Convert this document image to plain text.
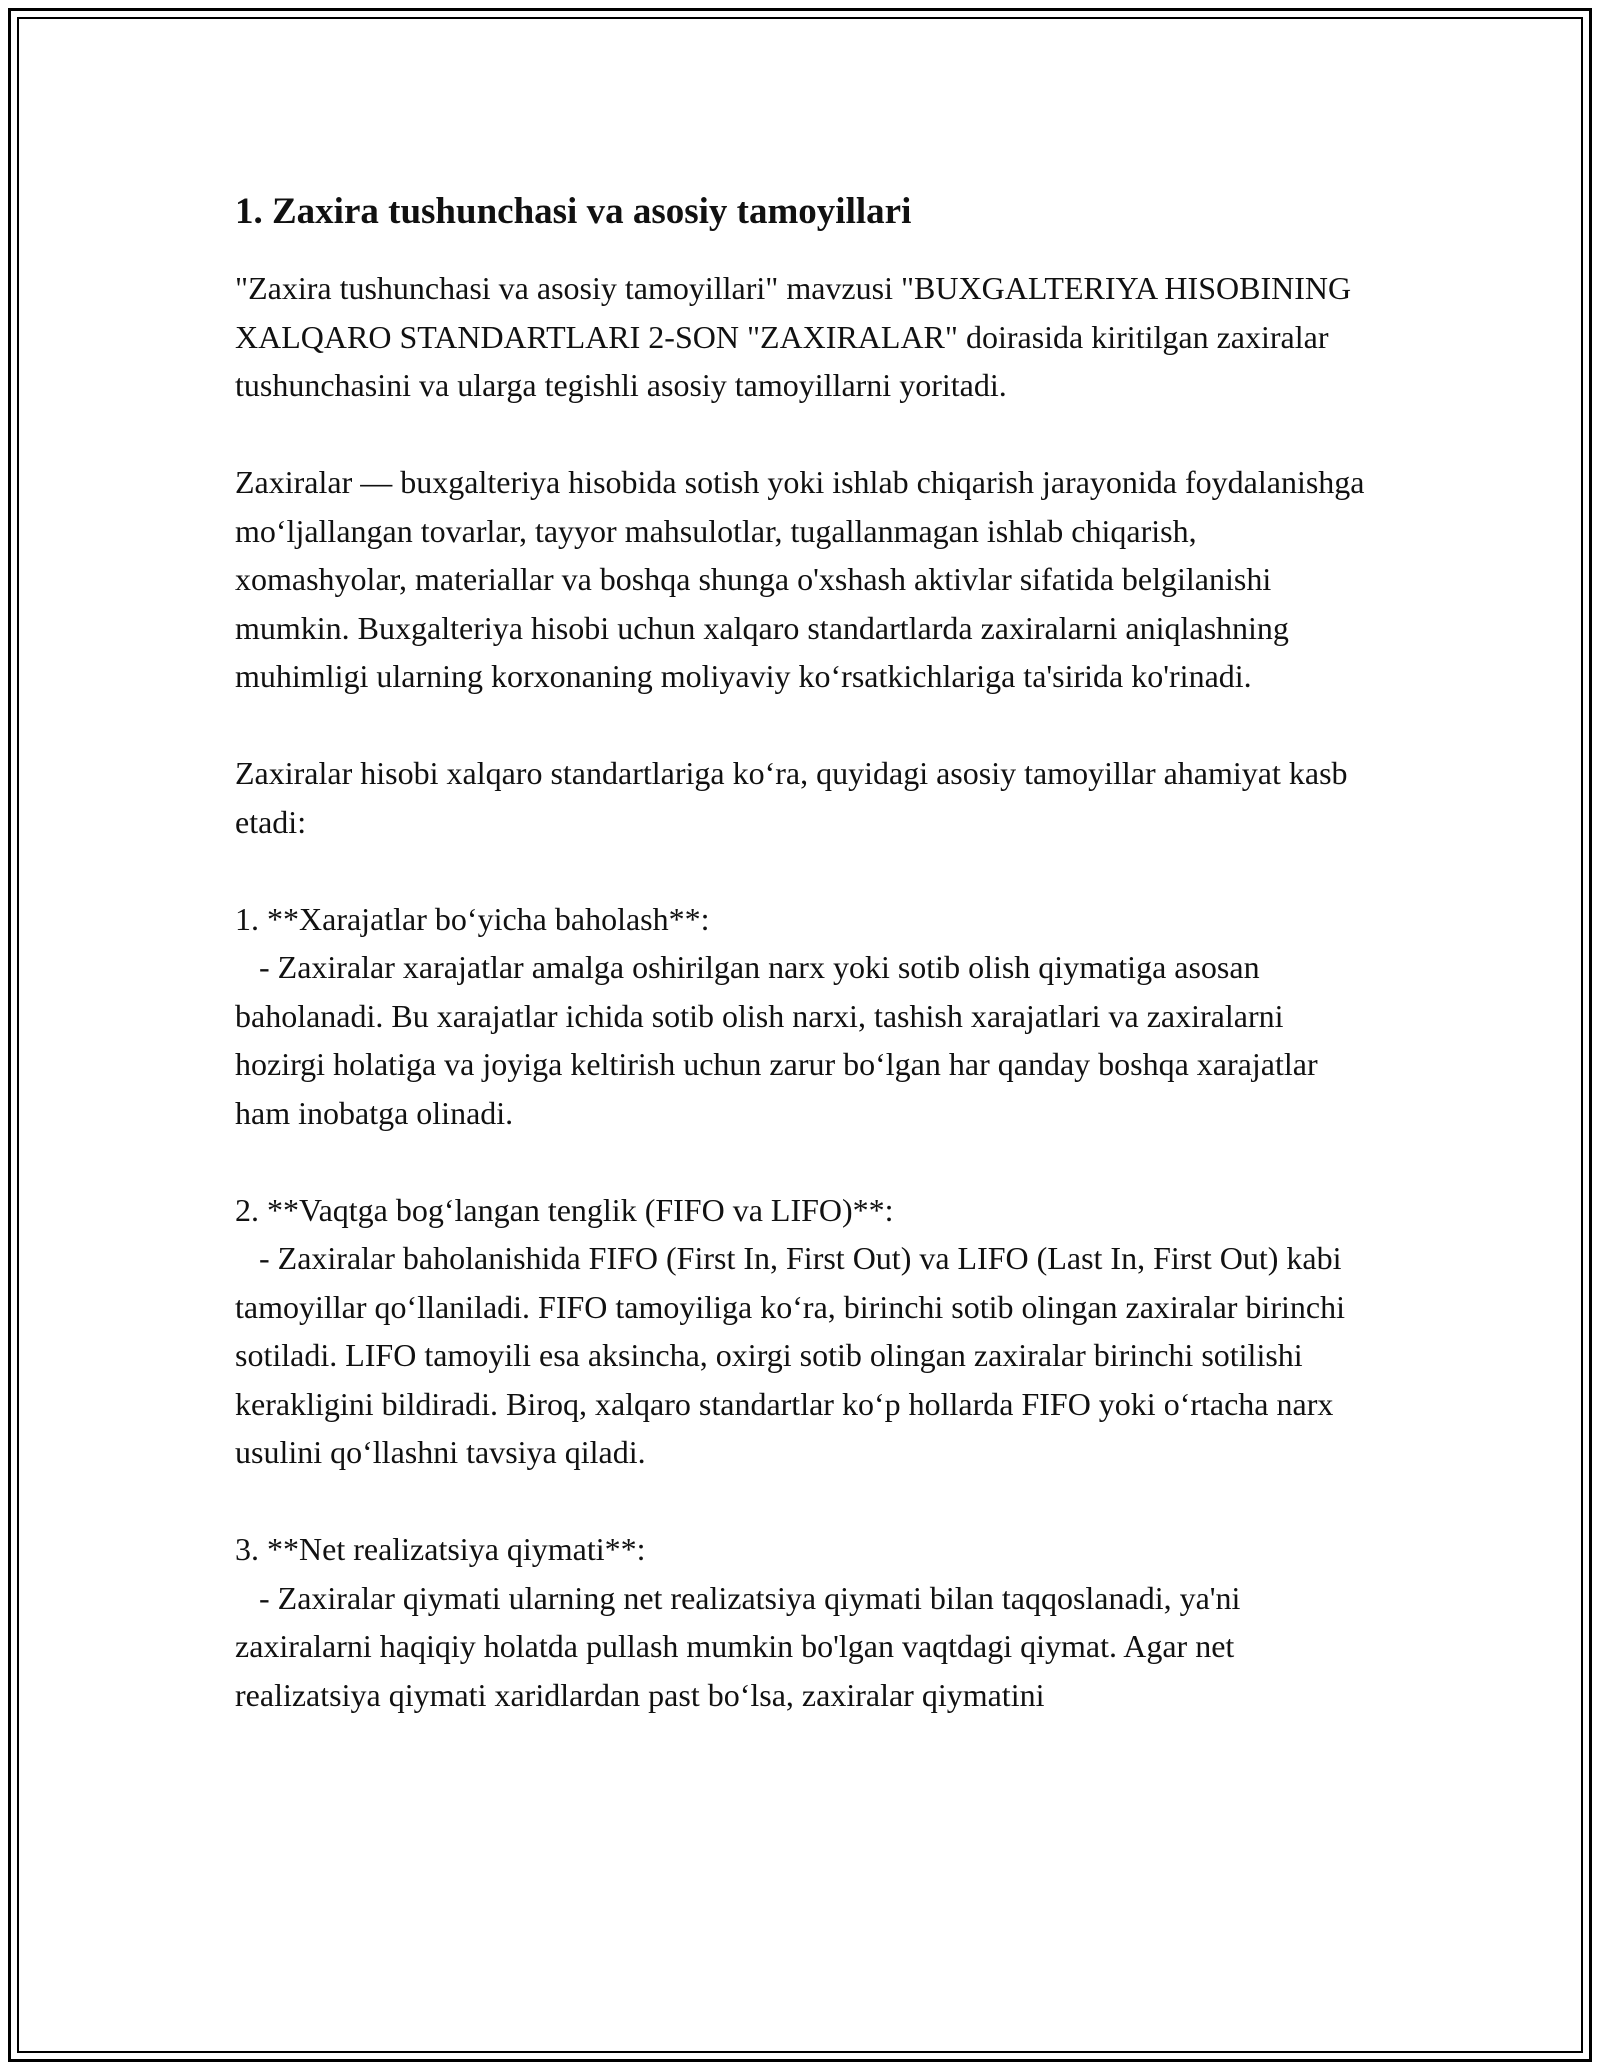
1. Zaxira tushunchasi va asosiy tamoyillari

"Zaxira tushunchasi va asosiy tamoyillari" mavzusi "BUXGALTERIYA HISOBINING XALQARO STANDARTLARI 2-SON "ZAXIRALAR" doirasida kiritilgan zaxiralar tushunchasini va ularga tegishli asosiy tamoyillarni yoritadi.

Zaxiralar — buxgalteriya hisobida sotish yoki ishlab chiqarish jarayonida foydalanishga mo‘ljallangan tovarlar, tayyor mahsulotlar, tugallanmagan ishlab chiqarish, xomashyolar, materiallar va boshqa shunga o'xshash aktivlar sifatida belgilanishi mumkin. Buxgalteriya hisobi uchun xalqaro standartlarda zaxiralarni aniqlashning muhimligi ularning korxonaning moliyaviy ko‘rsatkichlariga ta'sirida ko'rinadi.

Zaxiralar hisobi xalqaro standartlariga ko‘ra, quyidagi asosiy tamoyillar ahamiyat kasb etadi:

1. **Xarajatlar bo‘yicha baholash**:
- Zaxiralar xarajatlar amalga oshirilgan narx yoki sotib olish qiymatiga asosan baholanadi. Bu xarajatlar ichida sotib olish narxi, tashish xarajatlari va zaxiralarni hozirgi holatiga va joyiga keltirish uchun zarur bo‘lgan har qanday boshqa xarajatlar ham inobatga olinadi.
2. **Vaqtga bog‘langan tenglik (FIFO va LIFO)**:
- Zaxiralar baholanishida FIFO (First In, First Out) va LIFO (Last In, First Out) kabi tamoyillar qo‘llaniladi. FIFO tamoyiliga ko‘ra, birinchi sotib olingan zaxiralar birinchi sotiladi. LIFO tamoyili esa aksincha, oxirgi sotib olingan zaxiralar birinchi sotilishi kerakligini bildiradi. Biroq, xalqaro standartlar ko‘p hollarda FIFO yoki o‘rtacha narx usulini qo‘llashni tavsiya qiladi.
3. **Net realizatsiya qiymati**:
- Zaxiralar qiymati ularning net realizatsiya qiymati bilan taqqoslanadi, ya'ni zaxiralarni haqiqiy holatda pullash mumkin bo'lgan vaqtdagi qiymat. Agar net realizatsiya qiymati xaridlardan past bo‘lsa, zaxiralar qiymatini
